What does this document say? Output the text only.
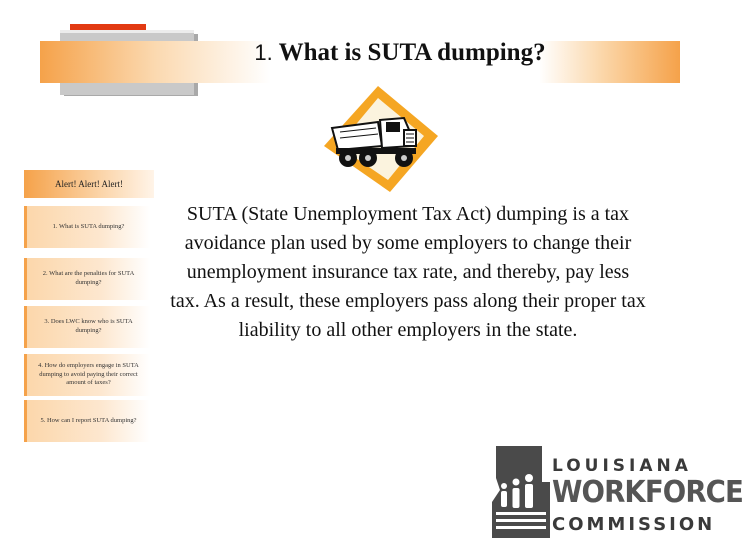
1. What is SUTA dumping?
Alert! Alert! Alert!
1. What is SUTA dumping?
2. What are the penalties for SUTA dumping?
3. Does LWC know who is SUTA dumping?
4. How do employers engage in SUTA dumping to avoid paying their correct amount of taxes?
5. How can I report SUTA dumping?
SUTA (State Unemployment Tax Act) dumping is a tax avoidance plan used by some employers to change their unemployment insurance tax rate, and thereby, pay less tax. As a result, these employers pass along their proper tax liability to all other employers in the state.
LOUISIANA
WORKFORCE
COMMISSION
